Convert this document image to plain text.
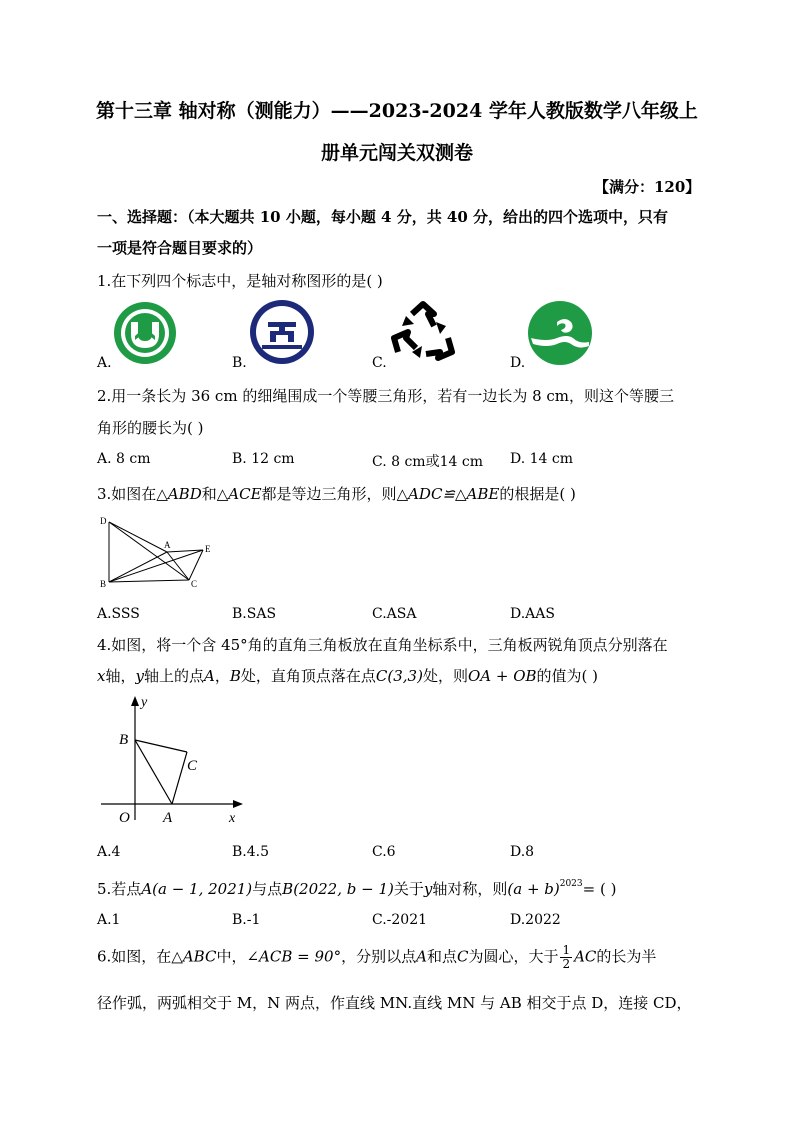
第十三章 轴对称（测能力）——2023-2024 学年人教版数学八年级上
册单元闯关双测卷
【满分：120】
一、选择题：（本大题共 10 小题，每小题 4 分，共 40 分，给出的四个选项中，只有
一项是符合题目要求的）
1.在下列四个标志中，是轴对称图形的是( )
A.	B.	C.	D.
2.用一条长为 36 cm 的细绳围成一个等腰三角形，若有一边长为 8 cm，则这个等腰三
角形的腰长为( )
A. 8 cm	B. 12 cm	C. 8 cm或14 cm D. 14 cm
3.如图在△ABD和△ACE都是等边三角形，则△ADC≌△ABE的根据是( )
D
A	E
B	C
A.SSS	B.SAS	C.ASA	D.AAS
4.如图，将一个含 45°角的直角三角板放在直角坐标系中，三角板两锐角顶点分别落在
x轴，y轴上的点A，B处，直角顶点落在点C(3,3)处，则OA + OB的值为( )
y
B
C
O A	x
A.4	B.4.5	C.6	D.8
5.若点A(a − 1, 2021)与点B(2022, b − 1)关于y轴对称，则$(a + b)^{2023}=$ ( )
A.1	B.-1	C.-2021	D.2022
6.如图，在△ABC中，∠ACB = 90°，分别以点A和点C为圆心，大于 $\frac{1}{2}$ AC的长为半
径作弧，两弧相交于 M，N 两点，作直线 MN.直线 MN 与 AB 相交于点 D，连接 CD，
